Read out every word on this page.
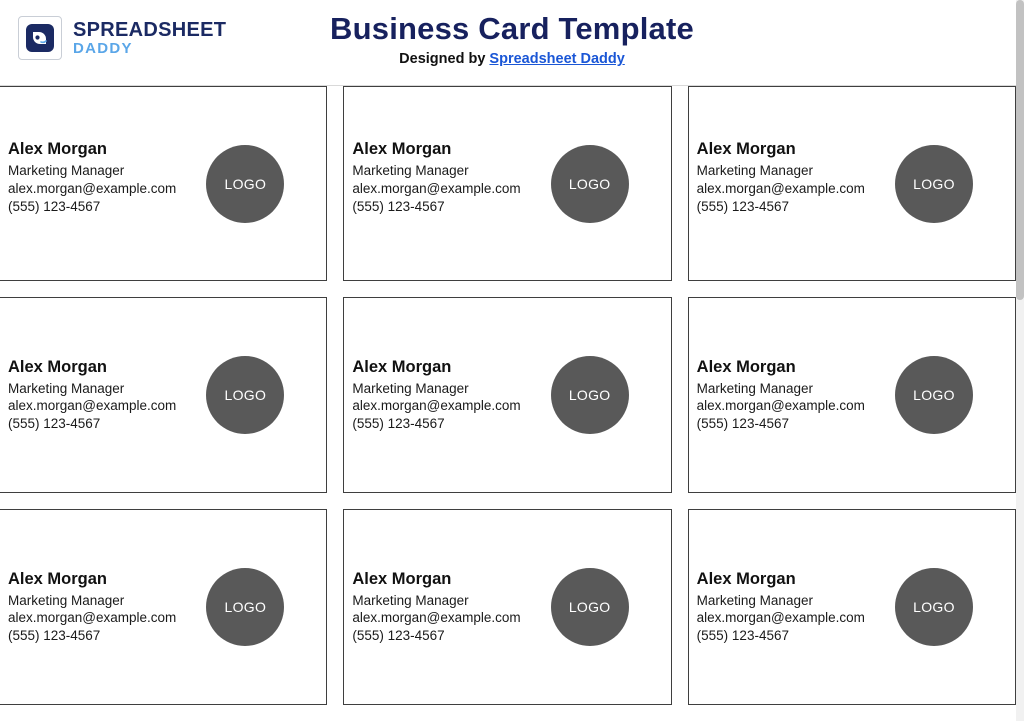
SPREADSHEET
DADDY
Business Card Template
Designed by Spreadsheet Daddy
Alex Morgan
Marketing Manager
alex.morgan@example.com
(555) 123-4567
LOGO
Alex Morgan
Marketing Manager
alex.morgan@example.com
(555) 123-4567
LOGO
Alex Morgan
Marketing Manager
alex.morgan@example.com
(555) 123-4567
LOGO
Alex Morgan
Marketing Manager
alex.morgan@example.com
(555) 123-4567
LOGO
Alex Morgan
Marketing Manager
alex.morgan@example.com
(555) 123-4567
LOGO
Alex Morgan
Marketing Manager
alex.morgan@example.com
(555) 123-4567
LOGO
Alex Morgan
Marketing Manager
alex.morgan@example.com
(555) 123-4567
LOGO
Alex Morgan
Marketing Manager
alex.morgan@example.com
(555) 123-4567
LOGO
Alex Morgan
Marketing Manager
alex.morgan@example.com
(555) 123-4567
LOGO
